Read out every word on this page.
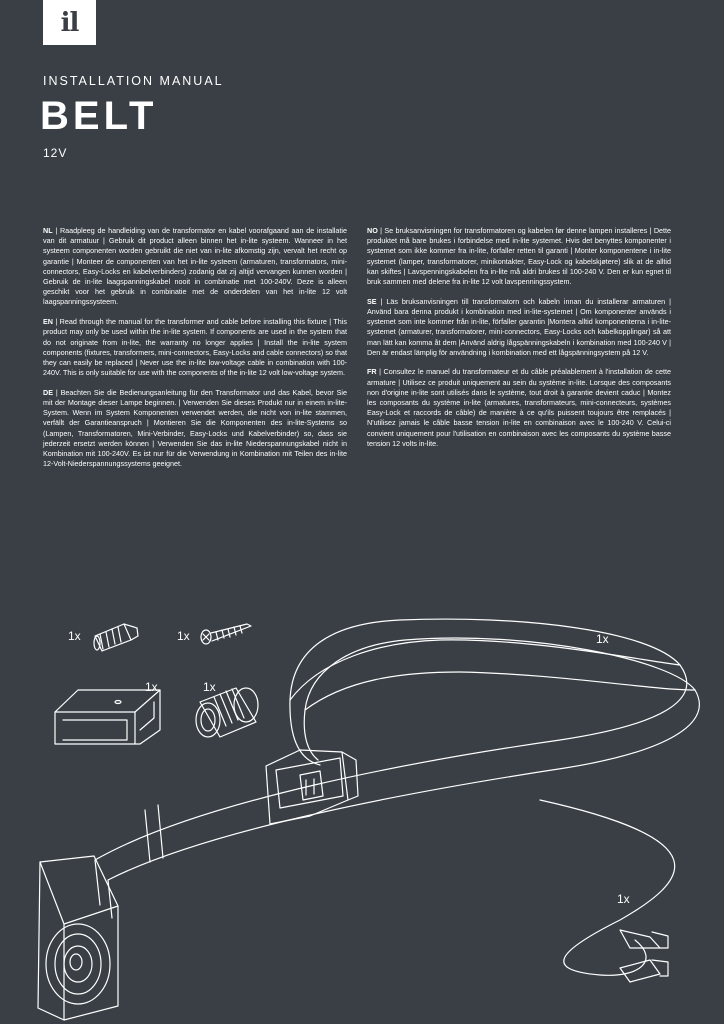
il
INSTALLATION MANUAL
BELT
12V

NL | Raadpleeg de handleiding van de transformator en kabel voorafgaand aan de installatie van dit armatuur | Gebruik dit product alleen binnen het in-lite systeem. Wanneer in het systeem componenten worden gebruikt die niet van in-lite afkomstig zijn, vervalt het recht op garantie | Monteer de componenten van het in-lite systeem (armaturen, transformators, mini-connectors, Easy-Locks en kabelverbinders) zodanig dat zij altijd vervangen kunnen worden | Gebruik de in-lite laagspanningskabel nooit in combinatie met 100-240V. Deze is alleen geschikt voor het gebruik in combinatie met de onderdelen van het in-lite 12 volt laagspanningssysteem.

EN | Read through the manual for the transformer and cable before installing this fixture | This product may only be used within the in-lite system. If components are used in the system that do not originate from in-lite, the warranty no longer applies | Install the in-lite system components (fixtures, transformers, mini-connectors, Easy-Locks and cable connectors) so that they can easily be replaced | Never use the in-lite low-voltage cable in combination with 100-240V. This is only suitable for use with the components of the in-lite 12 volt low-voltage system.

DE | Beachten Sie die Bedienungsanleitung für den Transformator und das Kabel, bevor Sie mit der Montage dieser Lampe beginnen. | Verwenden Sie dieses Produkt nur in einem in-lite-System. Wenn im System Komponenten verwendet werden, die nicht von in-lite stammen, verfällt der Garantieanspruch | Montieren Sie die Komponenten des in-lite-Systems so (Lampen, Transformatoren, Mini-Verbinder, Easy-Locks und Kabelverbinder) so, dass sie jederzeit ersetzt werden können | Verwenden Sie das in-lite Niederspannungskabel nicht in Kombination mit 100-240V. Es ist nur für die Verwendung in Kombination mit Teilen des in-lite 12-Volt-Niederspannungssystems geeignet.

NO | Se bruksanvisningen for transformatoren og kabelen før denne lampen installeres | Dette produktet må bare brukes i forbindelse med in-lite systemet. Hvis det benyttes komponenter i systemet som ikke kommer fra in-lite, forfaller retten til garanti | Monter komponentene i in-lite systemet (lamper, transformatorer, minikontakter, Easy-Lock og kabelskjøtere) slik at de alltid kan skiftes | Lavspenningskabelen fra in-lite må aldri brukes til 100-240 V. Den er kun egnet til bruk sammen med delene fra in-lite 12 volt lavspenningssystem.

SE | Läs bruksanvisningen till transformatorn och kabeln innan du installerar armaturen | Använd bara denna produkt i kombination med in-lite-systemet | Om komponenter används i systemet som inte kommer från in-lite, förfaller garantin |Montera alltid komponenterna i in-lite-systemet (armaturer, transformatorer, mini-connectors, Easy-Locks och kabelkopplingar) så att man lätt kan komma åt dem |Använd aldrig lågspänningskabeln i kombination med 100-240 V | Den är endast lämplig för användning i kombination med ett lågspänningsystem på 12 V.

FR | Consultez le manuel du transformateur et du câble préalablement à l'installation de cette armature | Utilisez ce produit uniquement au sein du système in-lite. Lorsque des composants non d'origine in-lite sont utilisés dans le système, tout droit à garantie devient caduc | Montez les composants du système in-lite (armatures, transformateurs, mini-connecteurs, systèmes Easy-Lock et raccords de câble) de manière à ce qu'ils puissent toujours être remplacés | N'utilisez jamais le câble basse tension in-lite en combinaison avec le 100-240 V. Celui-ci convient uniquement pour l'utilisation en combinaison avec les composants du système basse tension 12 volts in-lite.

1x	1x
1x	1x
1x
1x
